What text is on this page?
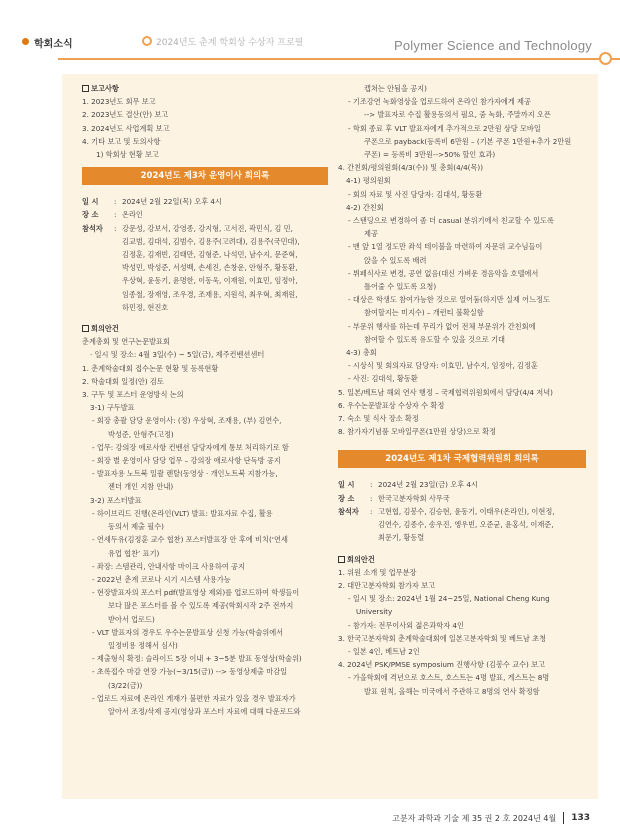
학회소식	2024년도 춘계 학회상 수상자 프로필	Polymer Science and Technology
보고사항
1. 2023년도 회무 보고
2. 2023년도 결산(안) 보고
3. 2024년도 사업계획 보고
4. 기타 보고 및 토의사항
1) 학회상 현황 보고
2024년도 제3차 운영이사 회의록
일 시	: 2024년 2월 22일(목) 오후 4시
장 소	: 온라인
참석자	: 강문성, 강보서, 강영종, 강지형, 고서진, 곽민식, 김 민,
김교범, 김대석, 김범수, 김용주(고려대), 김용주(국민대),
김정훈, 김재빈, 김태만, 김형준, 나석민, 남수지, 문준혁,
박성민, 박성준, 서성백, 손세진, 손창운, 안형주, 황동환,
우상혁, 윤동기, 윤명한, 이동욱, 이재원, 이효민, 임정아,
임종철, 장재영, 조우경, 조재용, 지원석, 최우혁, 최재원,
하민정, 현진호
회의안건
춘계총회 및 연구논문발표회
· 일시 및 장소: 4월 3일(수) ~ 5일(금), 제주컨벤션센터
1. 춘계학술대회 접수논문 현황 및 등록현황
2. 학술대회 일정(안) 검토
3. 구두 및 포스터 운영방식 논의
3-1) 구두발표
- 회장 총괄 담당 운영이사: (정) 우상혁, 조재용, (부) 김연수,
박성준, 안형주(고정)
- 업무: 강의장 애로사항 컨벤션 담당자에게 통보 처리하기로 함
- 회장 별 운영이사 담당 업무 – 강의장 애로사항 단독방 공지
- 발표자용 노트북 일괄 렌탈(동영상 · 개인노트북 지참가능,
젠더 개인 지참 안내)
3-2) 포스터발표
- 하이브리드 진행(온라인(VLT) 발표: 발표자료 수집, 활용
동의서 제출 필수)
- 연세두유(김정훈 교수 협찬) 포스터발표장 안 후에 비치(‘연세
유업 협찬’ 표기)
- 좌장: 스템관리, 안내사항 마이크 사용하여 공지
- 2022년 춘계 코로나 시기 시스템 사용가능
- 현장발표자의 포스터 pdf(발표영상 제외)를 업로드하여 학생들이
보다 많은 포스터를 볼 수 있도록 제공(학회시작 2주 전까지
받아서 업로드)
- VLT 발표자의 경우도 우수논문발표상 신청 가능(학술위에서
일정비용 정해서 심사)
- 제출형식 확정: 슬라이드 5장 이내 + 3~5분 발표 동영상(학술위)
- 초록접수 마감 연장 가능(~3/15(금)) --> 동영상제출 마감일
(3/22(금))
- 업로드 자료에 온라인 게재가 불편한 자료가 있을 경우 발표자가
알아서 조정/삭제 공지(영상과 포스터 자료에 대해 다운로드와
캡쳐는 안됨을 공지)
- 기조강연 녹화영상을 업로드하여 온라인 참가자에게 제공
--> 발표자로 수집 활용동의서 필요, 줌 녹화, 주말까지 오픈
- 학회 종료 후 VLT 발표자에게 추가적으로 2만원 상당 모바일
쿠폰으로 payback(등록비 6만원 – (기본 쿠폰 1만원+추가 2만원
쿠폰) = 등록비 3만원-->50% 할인 효과)
4. 간친회/평의원회(4/3(수)) 및 총회(4/4(목))
4-1) 평의원회
- 회의 자료 및 사진 담당자: 김대석, 황동환
4-2) 간친회
- 스탠딩으로 변경하여 좀 더 casual 분위기에서 친교할 수 있도록
제공
- 맨 앞 1열 정도만 좌석 테이블을 마련하여 자문위 교수님들이
앉을 수 있도록 배려
- 뷔페식사로 변경, 공연 없음(대신 가벼운 경음악을 호텔에서
틀어줄 수 있도록 요청)
- 대상은 학생도 참여가능한 것으로 열어둠(하지만 실제 어느정도
참여할지는 미지수) – 개런티 불확실함
- 부문위 행사를 하는데 무리가 없어 전체 부문위가 간친회에
참여할 수 있도록 유도할 수 있을 것으로 기대
4-3) 총회
- 시상식 및 회의자료 담당자: 이효민, 남수지, 임정아, 김정훈
- 사진: 김대석, 황동환
5. 일본/베트남 해외 연사 행정 – 국제협력위원회에서 담당(4/4 저녁)
6. 우수논문발표상 수상자 수 확정
7. 숙소 및 식사 장소 확정
8. 참가자기념품 모바일쿠폰(1만원 상당)으로 확정
2024년도 제1차 국제협력위원회 회의록
일 시	: 2024년 2월 23일(금) 오후 4시
장 소	: 한국고분자학회 사무국
참석자	: 고현협, 김봉수, 김승현, 윤동기, 이태우(온라인), 이현정,
김연수, 김종수, 송우진, 엥우빈, 오준균, 윤홍석, 이재준,
최문기, 황동렬
회의안건
1. 위원 소개 및 업무분장
2. 대만고분자학회 참가자 보고
- 일시 및 장소: 2024년 1월 24~25일, National Cheng Kung University
- 참가자: 전무이사외 젊은과학자 4인
3. 한국고분자학회 춘계학술대회에 일본고분자학회 및 베트남 초청
- 일본 4인, 베트남 2인
4. 2024년 PSK/PMSE symposium 진행사항 (김봉수 교수) 보고
- 가을학회에 격년으로 호스트, 호스트는 4명 발표, 게스트는 8명
발표 원칙, 올해는 미국에서 주관하고 8명의 연사 확정함
고분자 과학과 기술 제 35 권 2 호 2024년 4월 133
